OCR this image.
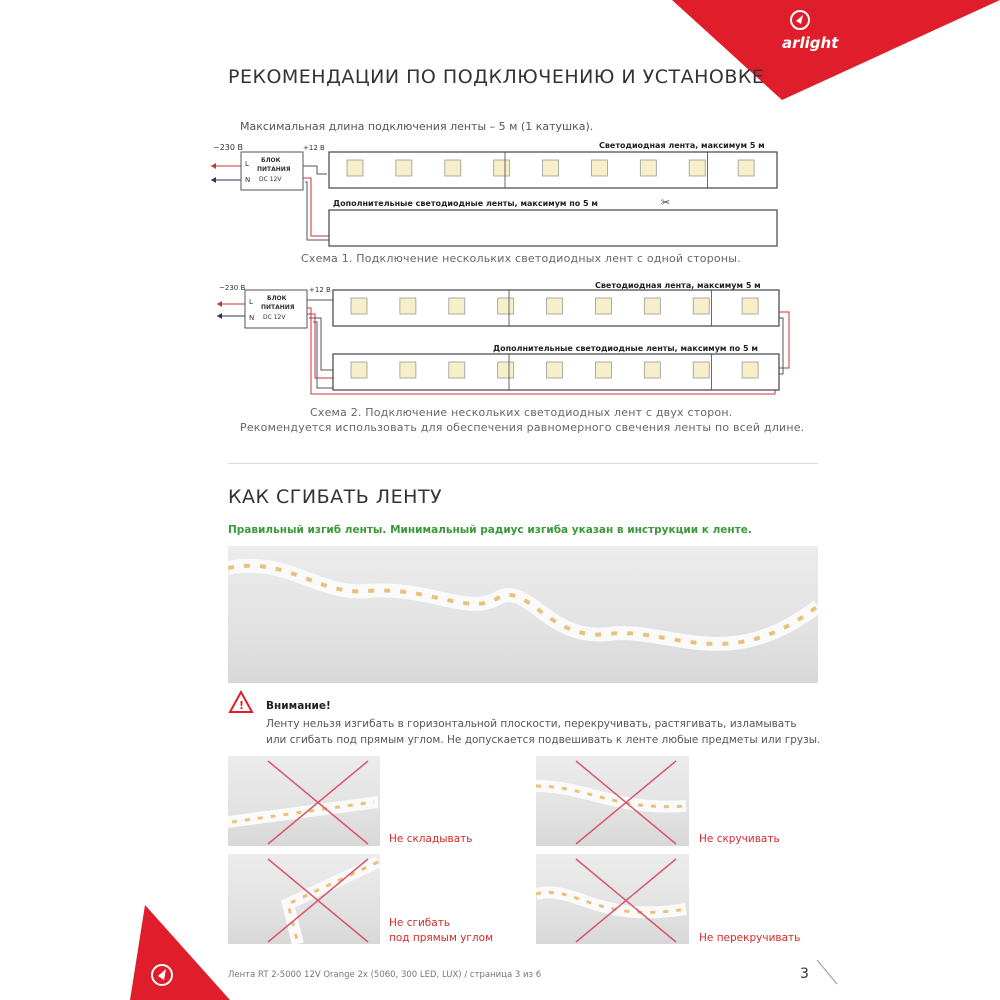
arlight
РЕКОМЕНДАЦИИ ПО ПОДКЛЮЧЕНИЮ И УСТАНОВКЕ
Максимальная длина подключения ленты – 5 м (1 катушка).
~230 В
L
N
БЛОК
ПИТАНИЯ
DC 12V
+12 В	Светодиодная лента, максимум 5 м
Дополнительные светодиодные ленты, максимум по 5 м	✂
Схема 1. Подключение нескольких светодиодных лент с одной стороны.
~230 В
L
N
БЛОК
ПИТАНИЯ
DC 12V
+12 В	Светодиодная лента, максимум 5 м
Дополнительные светодиодные ленты, максимум по 5 м
Схема 2. Подключение нескольких светодиодных лент с двух сторон.
Рекомендуется использовать для обеспечения равномерного свечения ленты по всей длине.
КАК СГИБАТЬ ЛЕНТУ
Правильный изгиб ленты. Минимальный радиус изгиба указан в инструкции к ленте.
! Внимание!
Ленту нельзя изгибать в горизонтальной плоскости, перекручивать, растягивать, изламывать
или сгибать под прямым углом. Не допускается подвешивать к ленте любые предметы или грузы.
Не складывать	Не скручивать
Не сгибать
под прямым углом	Не перекручивать
Лента RT 2-5000 12V Orange 2x (5060, 300 LED, LUX) / страница 3 из 6	3
